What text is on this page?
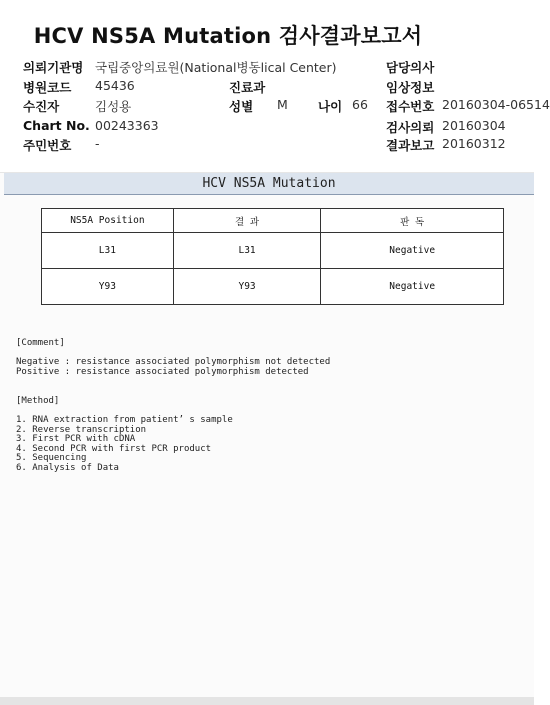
HCV NS5A Mutation 검사결과보고서
의뢰기관명 국립중앙의료원(National병동lical Center)	담당의사
병원코드 45436	진료과	임상정보
수진자	김성용	성별 M 나이 66 접수번호 20160304-06514
Chart No. 00243363	검사의뢰 20160304
주민번호 -	결과보고 20160312
HCV NS5A Mutation
NS5A Position	결 과	판 독
L31	L31	Negative
Y93	Y93	Negative
[Comment]
Negative : resistance associated polymorphism not detected
Positive : resistance associated polymorphism detected
[Method]
1. RNA extraction from patient’ s sample
2. Reverse transcription
3. First PCR with cDNA
4. Second PCR with first PCR product
5. Sequencing
6. Analysis of Data
